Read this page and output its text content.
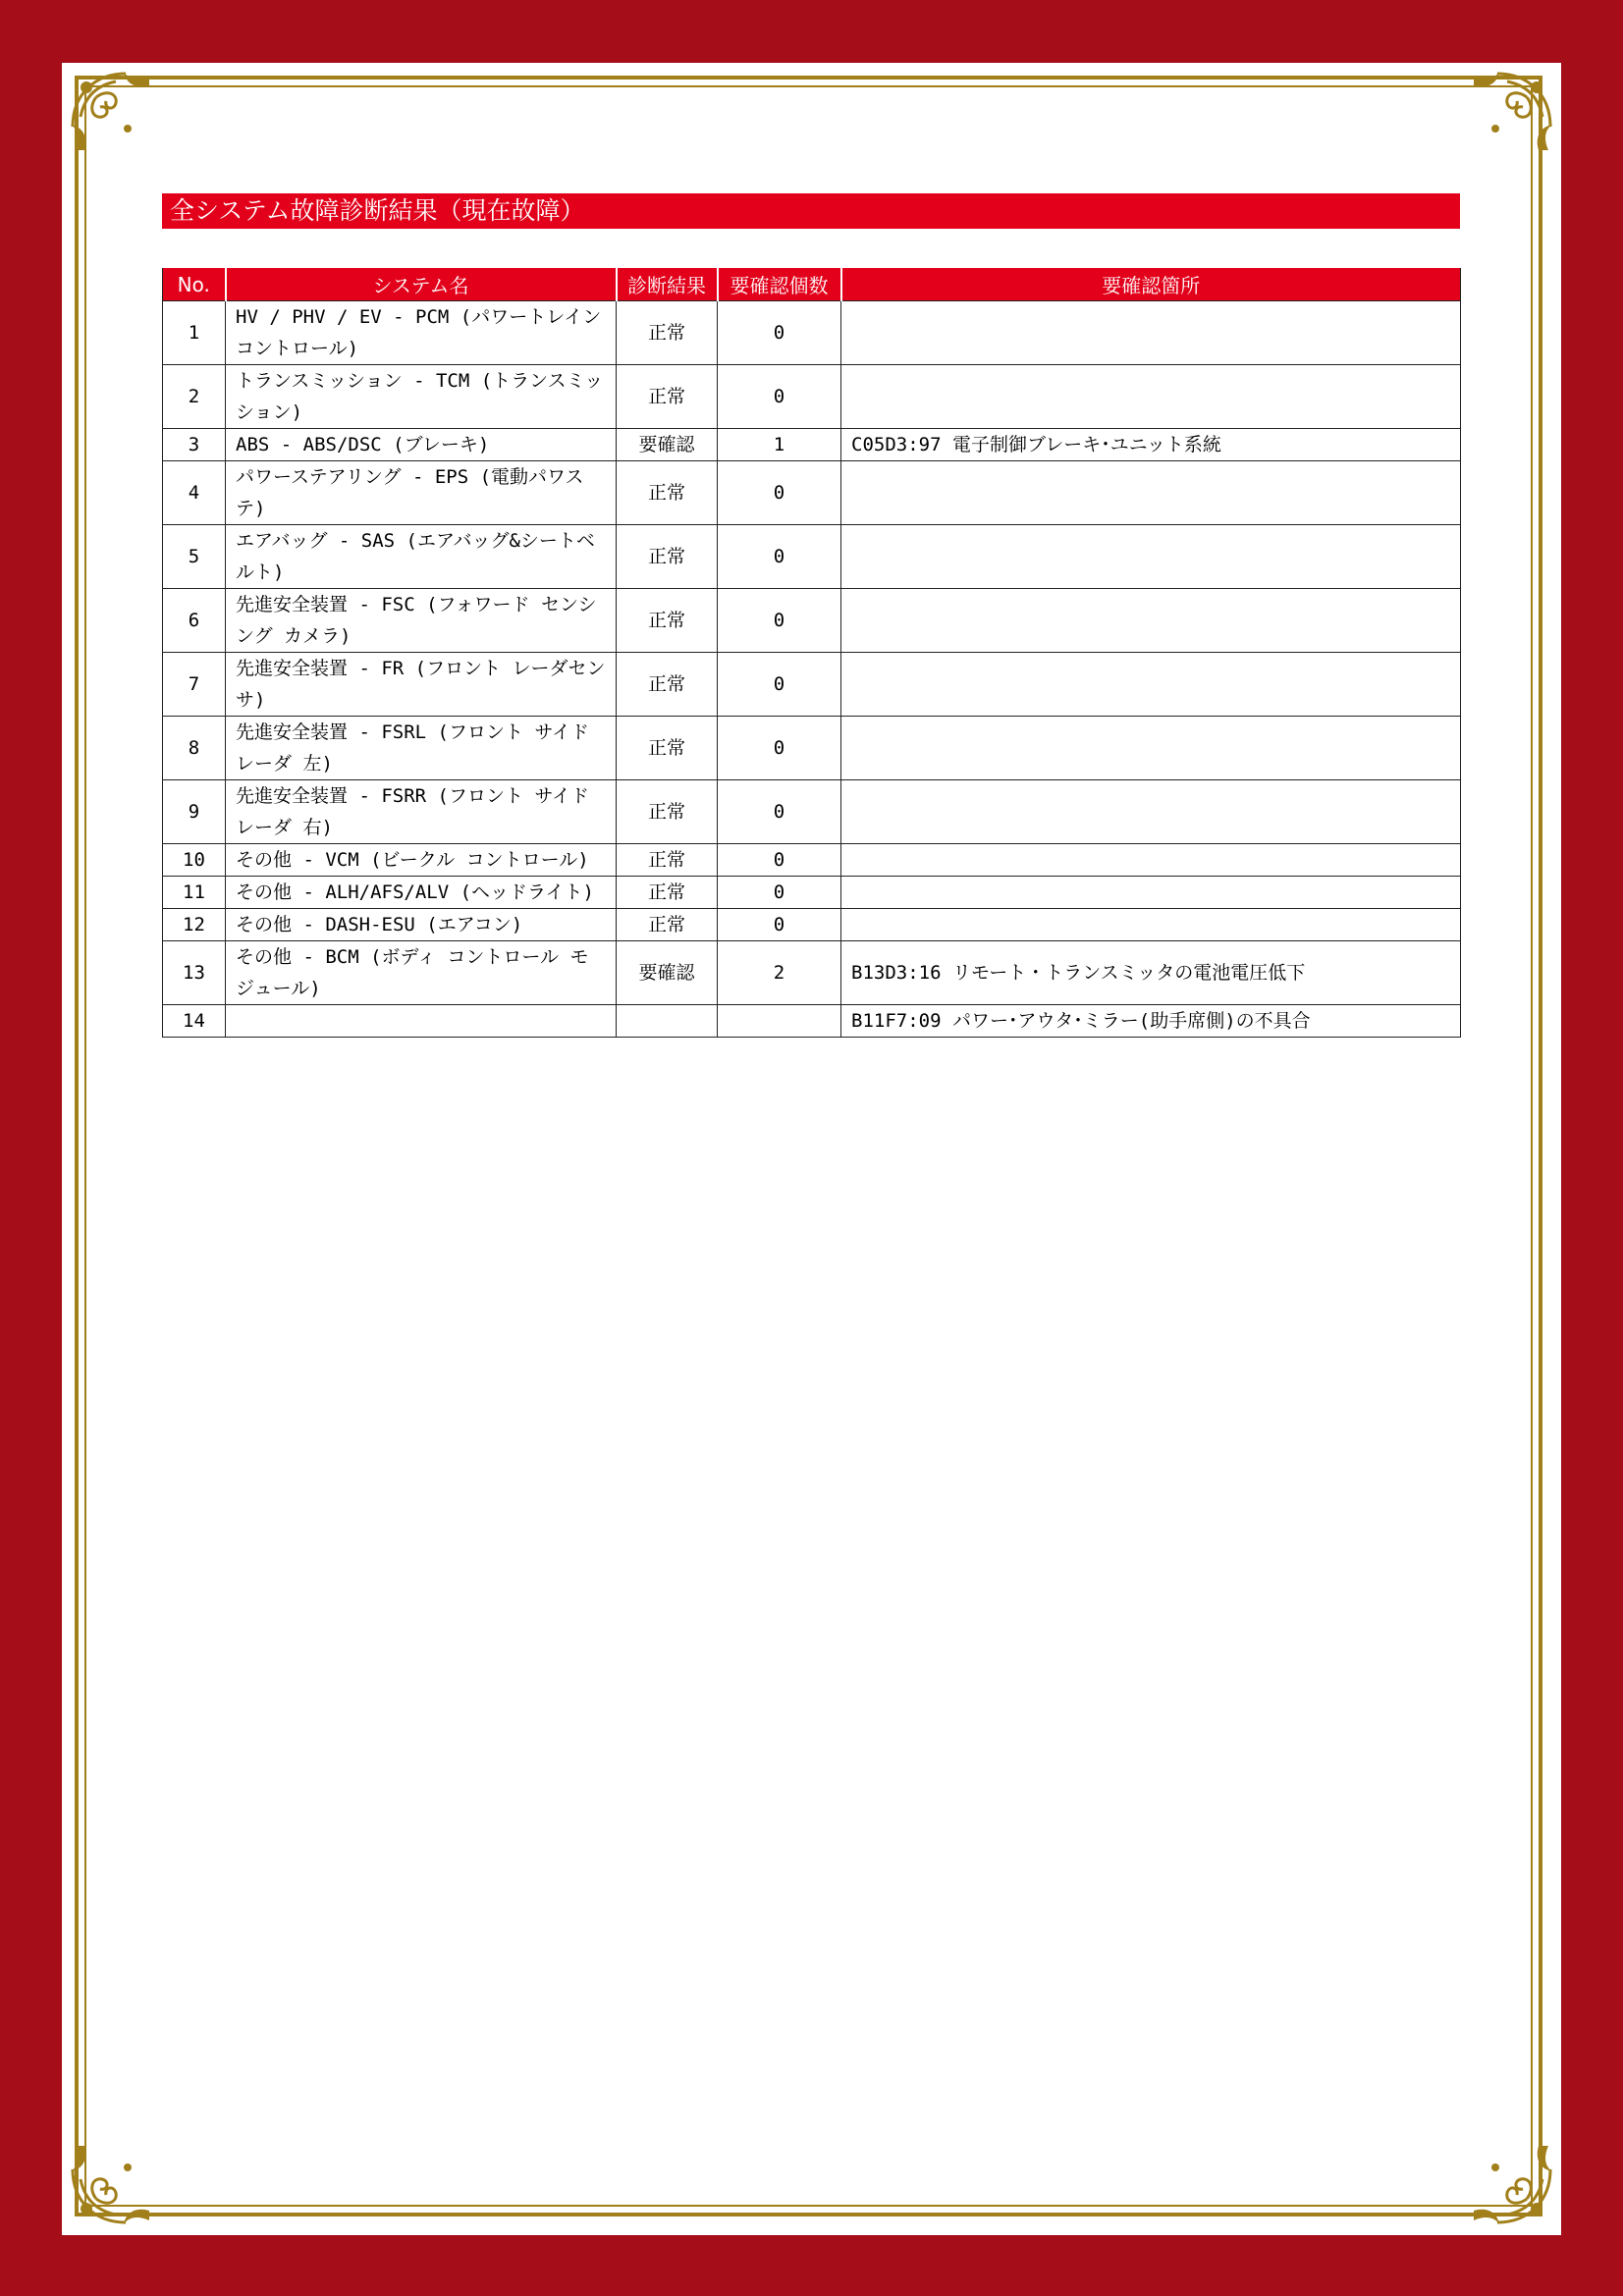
全システム故障診断結果（現在故障）
No.	システム名	診断結果	要確認個数	要確認箇所
1	HV / PHV / EV - PCM (パワートレインコントロール)	正常	0	
2	トランスミッション - TCM (トランスミッション)	正常	0	
3	ABS - ABS/DSC (ブレーキ)	要確認	1	C05D3:97 電子制御ブレーキ･ユニット系統
4	パワーステアリング - EPS (電動パワステ)	正常	0	
5	エアバッグ - SAS (エアバッグ&シートベルト)	正常	0	
6	先進安全装置 - FSC (フォワード センシング カメラ)	正常	0	
7	先進安全装置 - FR (フロント レーダセンサ)	正常	0	
8	先進安全装置 - FSRL (フロント サイドレーダ 左)	正常	0	
9	先進安全装置 - FSRR (フロント サイドレーダ 右)	正常	0	
10	その他 - VCM (ビークル コントロール)	正常	0	
11	その他 - ALH/AFS/ALV (ヘッドライト)	正常	0	
12	その他 - DASH-ESU (エアコン)	正常	0	
13	その他 - BCM (ボディ コントロール モジュール)	要確認	2	B13D3:16 リモート・トランスミッタの電池電圧低下
14				B11F7:09 パワー･アウタ･ミラー(助手席側)の不具合
